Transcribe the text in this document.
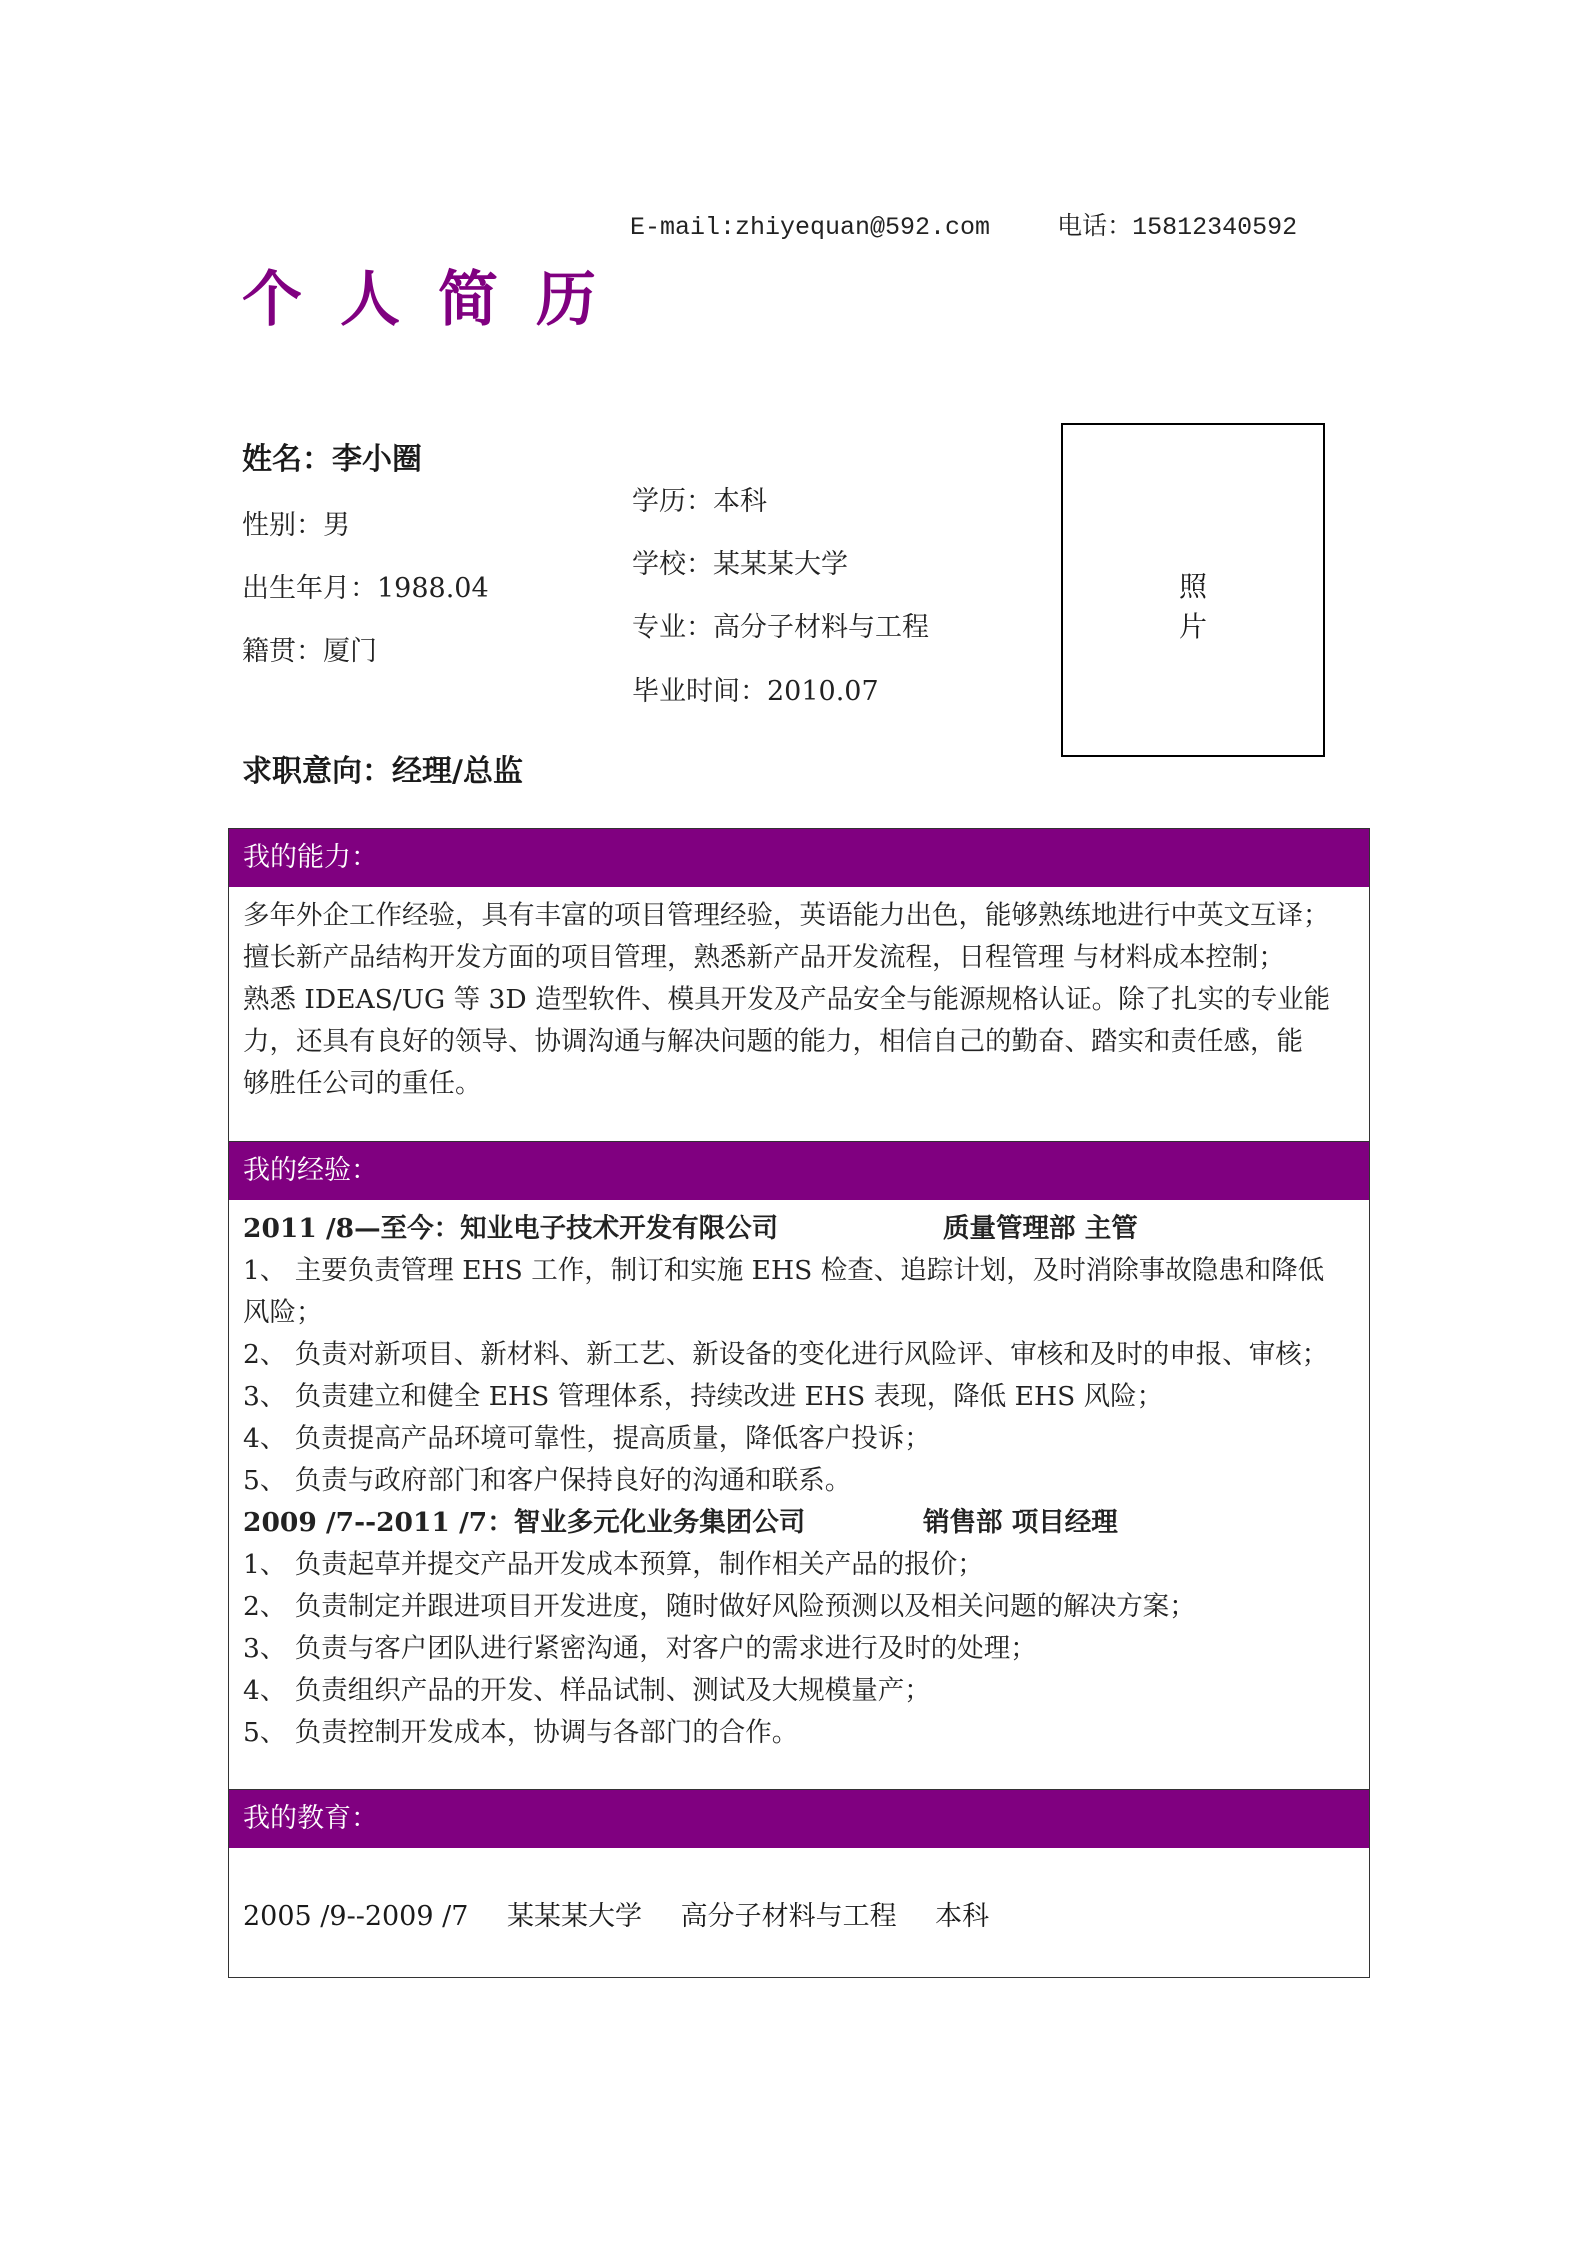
E-mail:zhiyequan@592.com	电话：15812340592
个人简历
姓名：李小圈
性别：男
出生年月：1988.04
籍贯：厦门
学历：本科
学校：某某某大学
专业：高分子材料与工程
毕业时间：2010.07
照片
求职意向：经理/总监
我的能力：
多年外企工作经验，具有丰富的项目管理经验，英语能力出色，能够熟练地进行中英文互译；
擅长新产品结构开发方面的项目管理，熟悉新产品开发流程，日程管理 与材料成本控制；
熟悉 IDEAS/UG 等 3D 造型软件、模具开发及产品安全与能源规格认证。除了扎实的专业能
力，还具有良好的领导、协调沟通与解决问题的能力，相信自己的勤奋、踏实和责任感，能
够胜任公司的重任。
我的经验：
2011 /8—至今：知业电子技术开发有限公司	质量管理部 主管
1、 主要负责管理 EHS 工作，制订和实施 EHS 检查、追踪计划，及时消除事故隐患和降低
风险；
2、 负责对新项目、新材料、新工艺、新设备的变化进行风险评、审核和及时的申报、审核；
3、 负责建立和健全 EHS 管理体系，持续改进 EHS 表现，降低 EHS 风险；
4、 负责提高产品环境可靠性，提高质量，降低客户投诉；
5、 负责与政府部门和客户保持良好的沟通和联系。
2009 /7--2011 /7：智业多元化业务集团公司	销售部 项目经理
1、 负责起草并提交产品开发成本预算，制作相关产品的报价；
2、 负责制定并跟进项目开发进度，随时做好风险预测以及相关问题的解决方案；
3、 负责与客户团队进行紧密沟通，对客户的需求进行及时的处理；
4、 负责组织产品的开发、样品试制、测试及大规模量产；
5、 负责控制开发成本，协调与各部门的合作。
我的教育：
2005 /9--2009 /7 某某某大学 高分子材料与工程 本科
